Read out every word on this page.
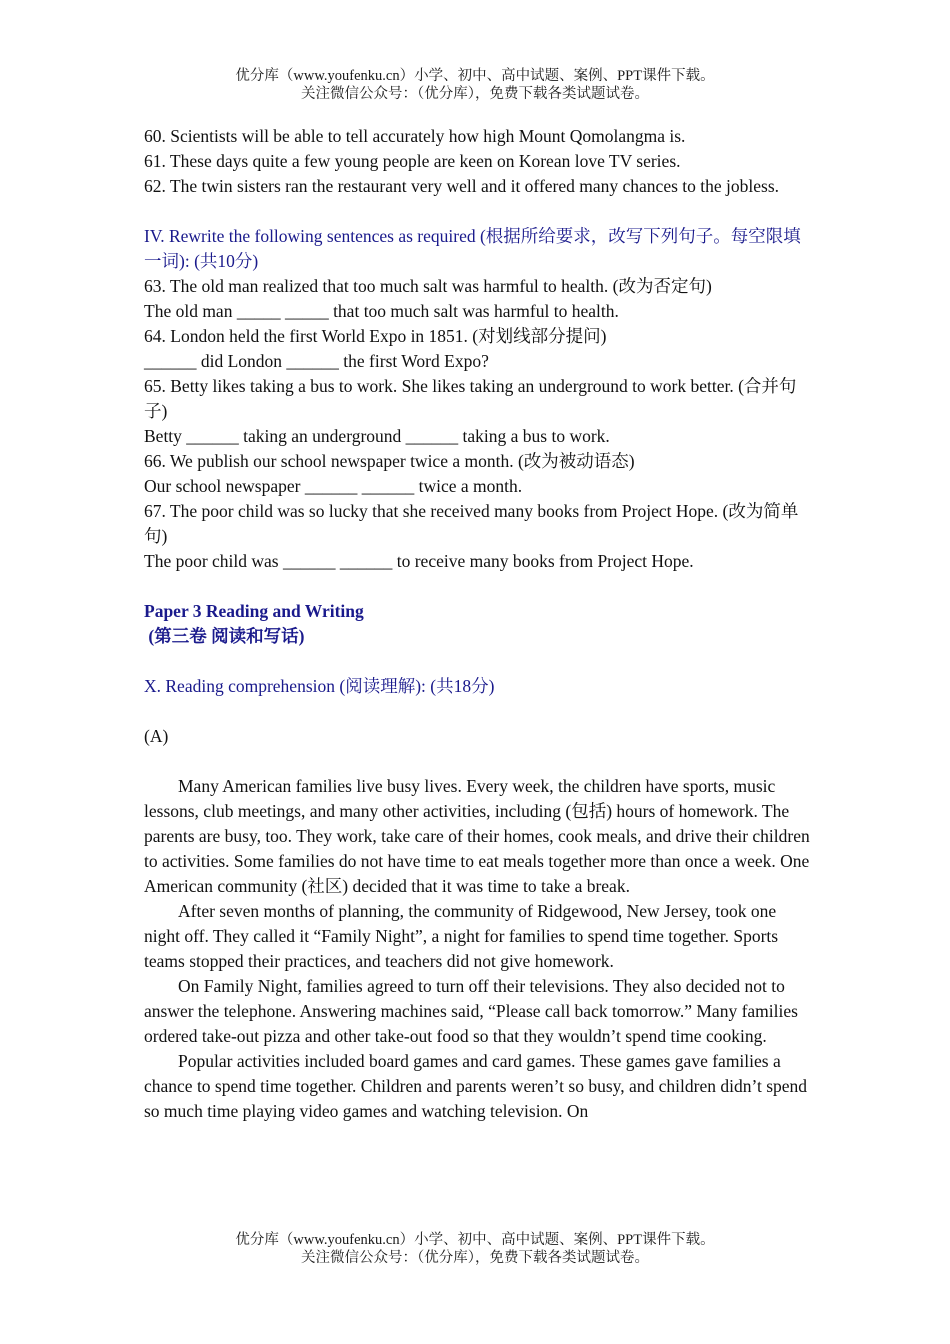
优分库（www.youfenku.cn）小学、初中、高中试题、案例、PPT课件下载。
关注微信公众号：（优分库），免费下载各类试题试卷。

60. Scientists will be able to tell accurately how high Mount Qomolangma is.

61. These days quite a few young people are keen on Korean love TV series.

62. The twin sisters ran the restaurant very well and it offered many chances to the jobless.

IV. Rewrite the following sentences as required (根据所给要求，改写下列句子。每空限填一词): (共10分)

63. The old man realized that too much salt was harmful to health. (改为否定句)

The old man _____ _____ that too much salt was harmful to health.

64. London held the first World Expo in 1851. (对划线部分提问)

______ did London ______ the first Word Expo?

65. Betty likes taking a bus to work. She likes taking an underground to work better. (合并句子)

Betty ______ taking an underground ______ taking a bus to work.

66. We publish our school newspaper twice a month. (改为被动语态)

Our school newspaper ______ ______ twice a month.

67. The poor child was so lucky that she received many books from Project Hope. (改为简单句)

The poor child was ______ ______ to receive many books from Project Hope.

Paper 3 Reading and Writing

(第三卷 阅读和写话)

X. Reading comprehension (阅读理解): (共18分)

(A)

Many American families live busy lives. Every week, the children have sports, music lessons, club meetings, and many other activities, including (包括) hours of homework. The parents are busy, too. They work, take care of their homes, cook meals, and drive their children to activities. Some families do not have time to eat meals together more than once a week. One American community (社区) decided that it was time to take a break.

After seven months of planning, the community of Ridgewood, New Jersey, took one night off. They called it “Family Night”, a night for families to spend time together. Sports teams stopped their practices, and teachers did not give homework.

On Family Night, families agreed to turn off their televisions. They also decided not to answer the telephone. Answering machines said, “Please call back tomorrow.” Many families ordered take-out pizza and other take-out food so that they wouldn’t spend time cooking.

Popular activities included board games and card games. These games gave families a chance to spend time together. Children and parents weren’t so busy, and children didn’t spend so much time playing video games and watching television. On

优分库（www.youfenku.cn）小学、初中、高中试题、案例、PPT课件下载。
关注微信公众号：（优分库），免费下载各类试题试卷。
